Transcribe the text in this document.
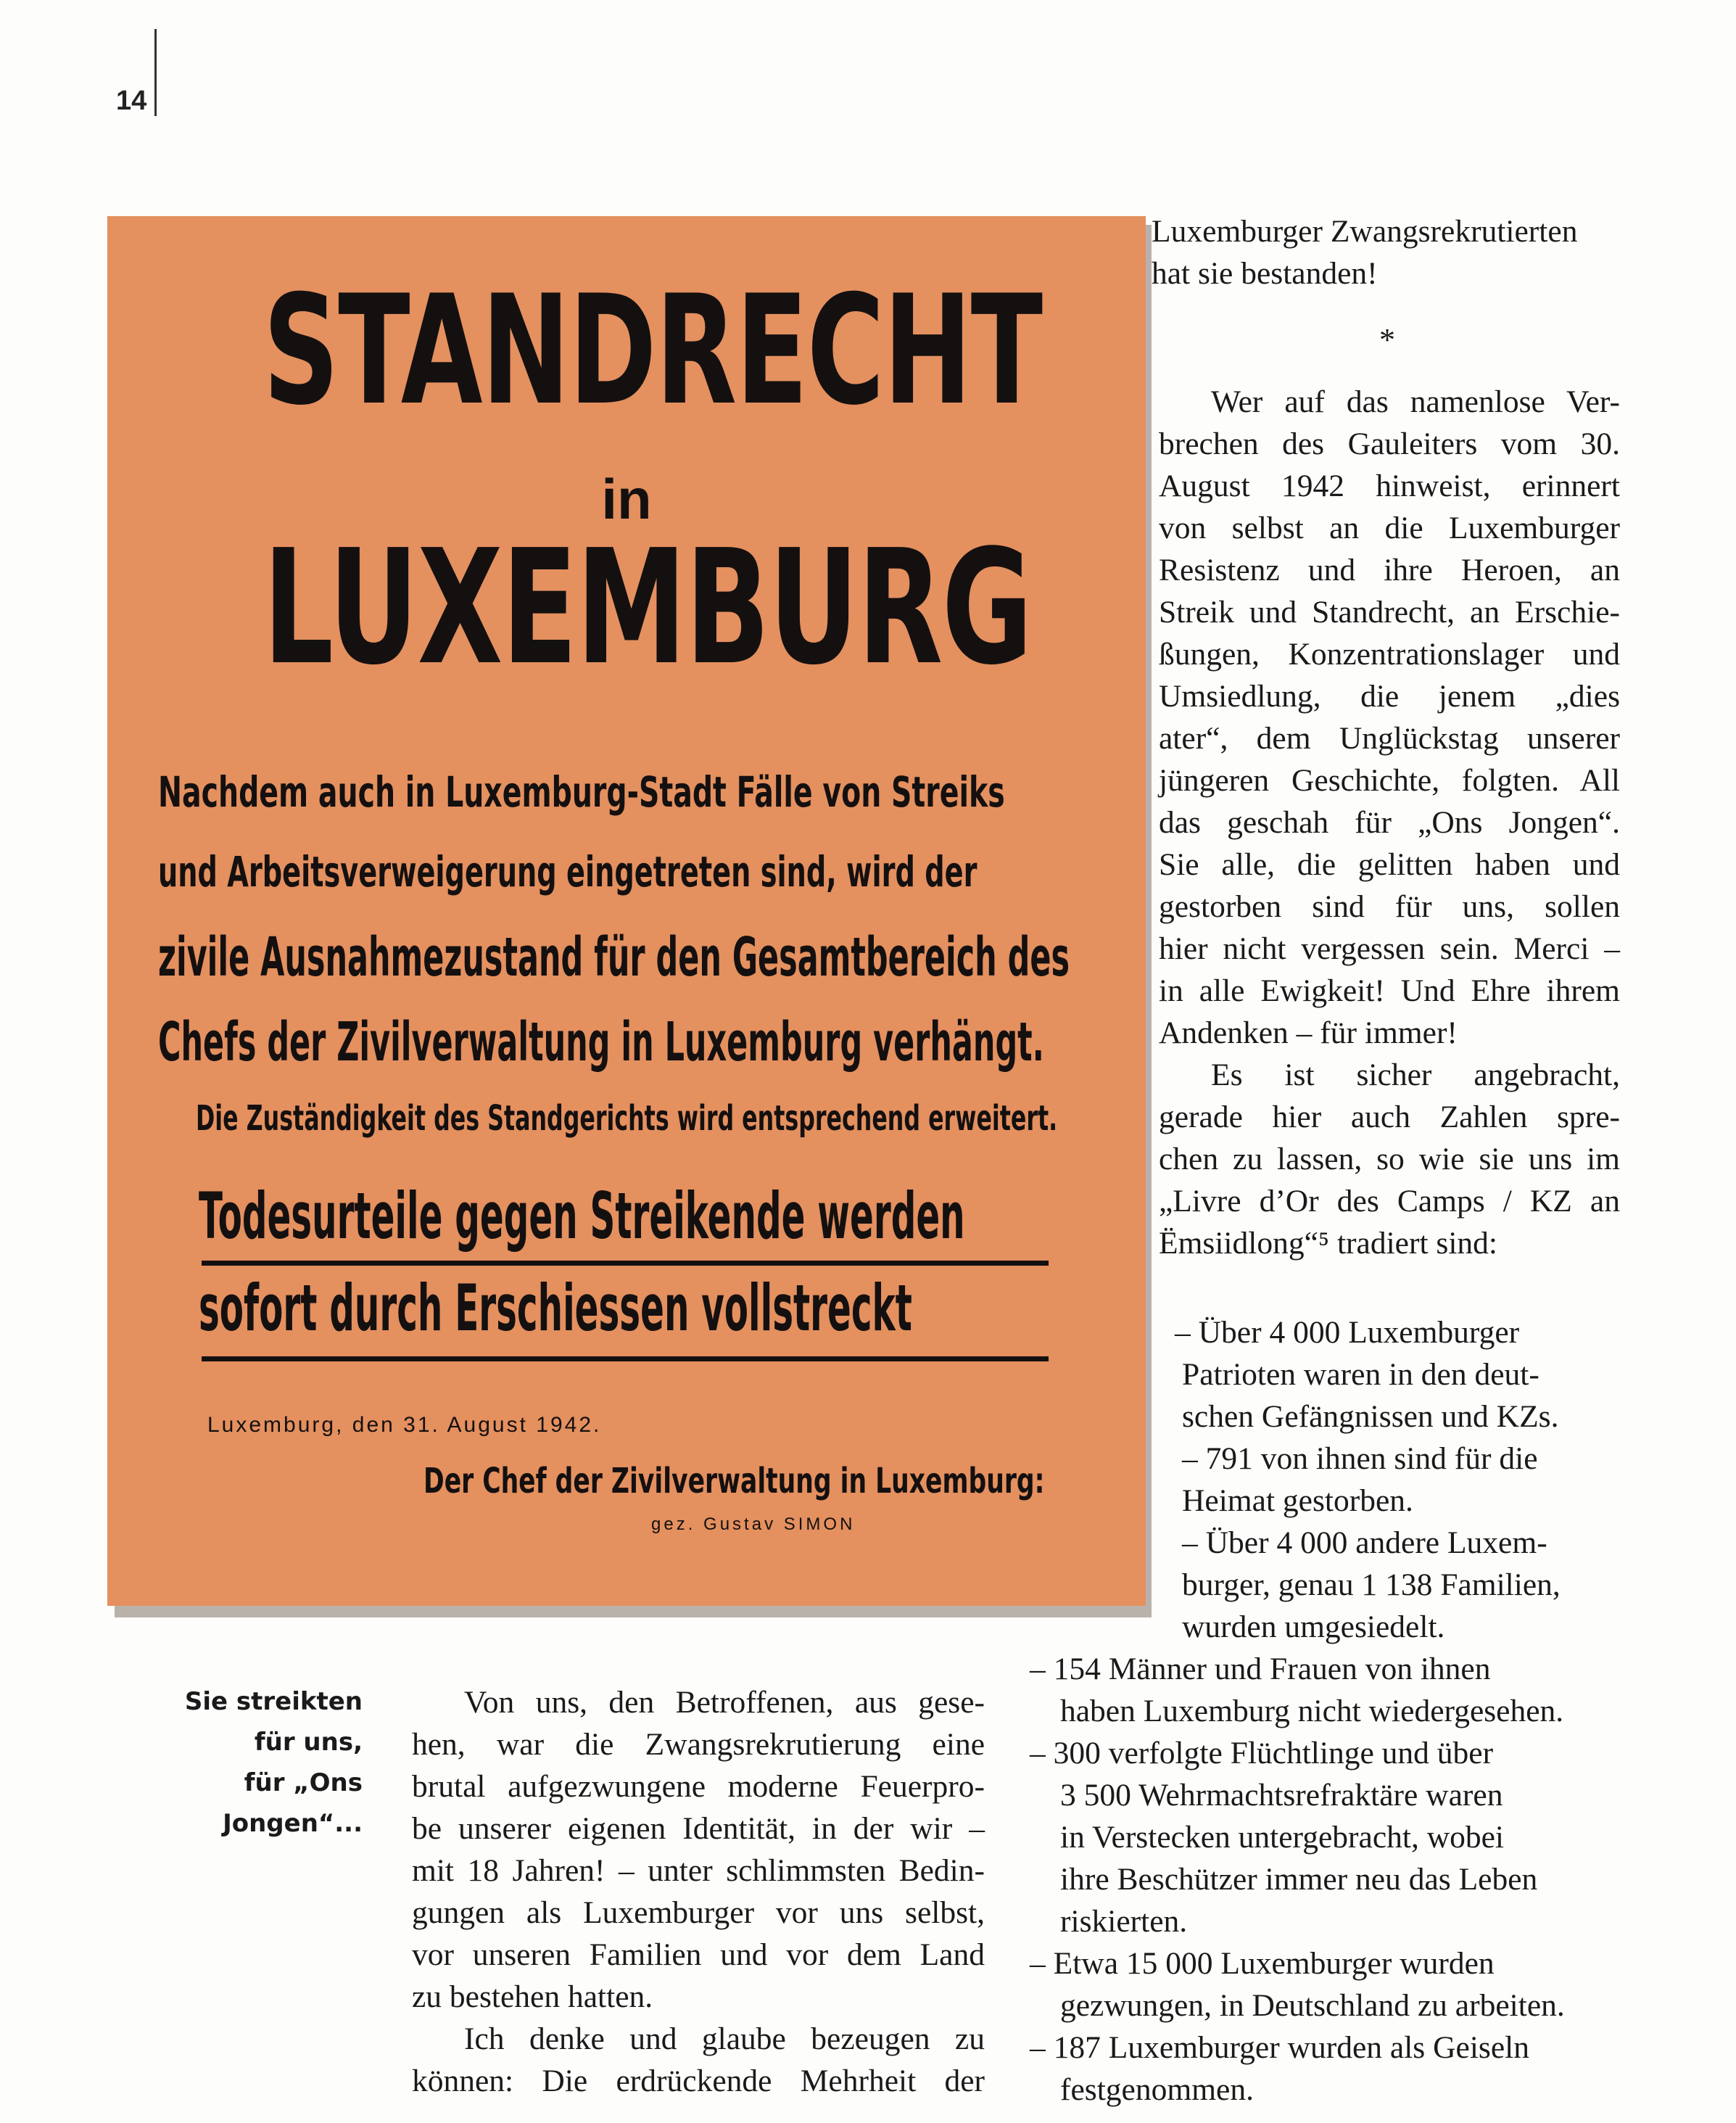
14
STANDRECHT
in
LUXEMBURG
Nachdem auch in Luxemburg-Stadt Fälle von Streiks
und Arbeitsverweigerung eingetreten sind, wird der
zivile Ausnahmezustand für den Gesamtbereich des
Chefs der Zivilverwaltung in Luxemburg verhängt.
Die Zuständigkeit des Standgerichts wird entsprechend erweitert.
Todesurteile gegen Streikende werden
sofort durch Erschiessen vollstreckt
Luxemburg, den 31. August 1942.
Der Chef der Zivilverwaltung in Luxemburg:
gez. Gustav SIMON
Sie streikten
für uns,
für „Ons Jongen“...
Von uns, den Betroffenen, aus gese-
hen, war die Zwangsrekrutierung eine
brutal aufgezwungene moderne Feuerpro-
be unserer eigenen Identität, in der wir –
mit 18 Jahren! – unter schlimmsten Bedin-
gungen als Luxemburger vor uns selbst,
vor unseren Familien und vor dem Land
zu bestehen hatten.
Ich denke und glaube bezeugen zu
können: Die erdrückende Mehrheit der
Luxemburger Zwangsrekrutierten
hat sie bestanden!
*
Wer auf das namenlose Ver-
brechen des Gauleiters vom 30.
August 1942 hinweist, erinnert
von selbst an die Luxemburger
Resistenz und ihre Heroen, an
Streik und Standrecht, an Erschie-
ßungen, Konzentrationslager und
Umsiedlung, die jenem „dies
ater“, dem Unglückstag unserer
jüngeren Geschichte, folgten. All
das geschah für „Ons Jongen“.
Sie alle, die gelitten haben und
gestorben sind für uns, sollen
hier nicht vergessen sein. Merci –
in alle Ewigkeit! Und Ehre ihrem
Andenken – für immer!
Es ist sicher angebracht,
gerade hier auch Zahlen spre-
chen zu lassen, so wie sie uns im
„Livre d’Or des Camps / KZ an
Ëmsiidlong“⁵ tradiert sind:
– Über 4 000 Luxemburger
Patrioten waren in den deut-
schen Gefängnissen und KZs.
– 791 von ihnen sind für die
Heimat gestorben.
– Über 4 000 andere Luxem-
burger, genau 1 138 Familien,
wurden umgesiedelt.
– 154 Männer und Frauen von ihnen
haben Luxemburg nicht wiedergesehen.
– 300 verfolgte Flüchtlinge und über
3 500 Wehrmachtsrefraktäre waren
in Verstecken untergebracht, wobei
ihre Beschützer immer neu das Leben
riskierten.
– Etwa 15 000 Luxemburger wurden
gezwungen, in Deutschland zu arbeiten.
– 187 Luxemburger wurden als Geiseln
festgenommen.
